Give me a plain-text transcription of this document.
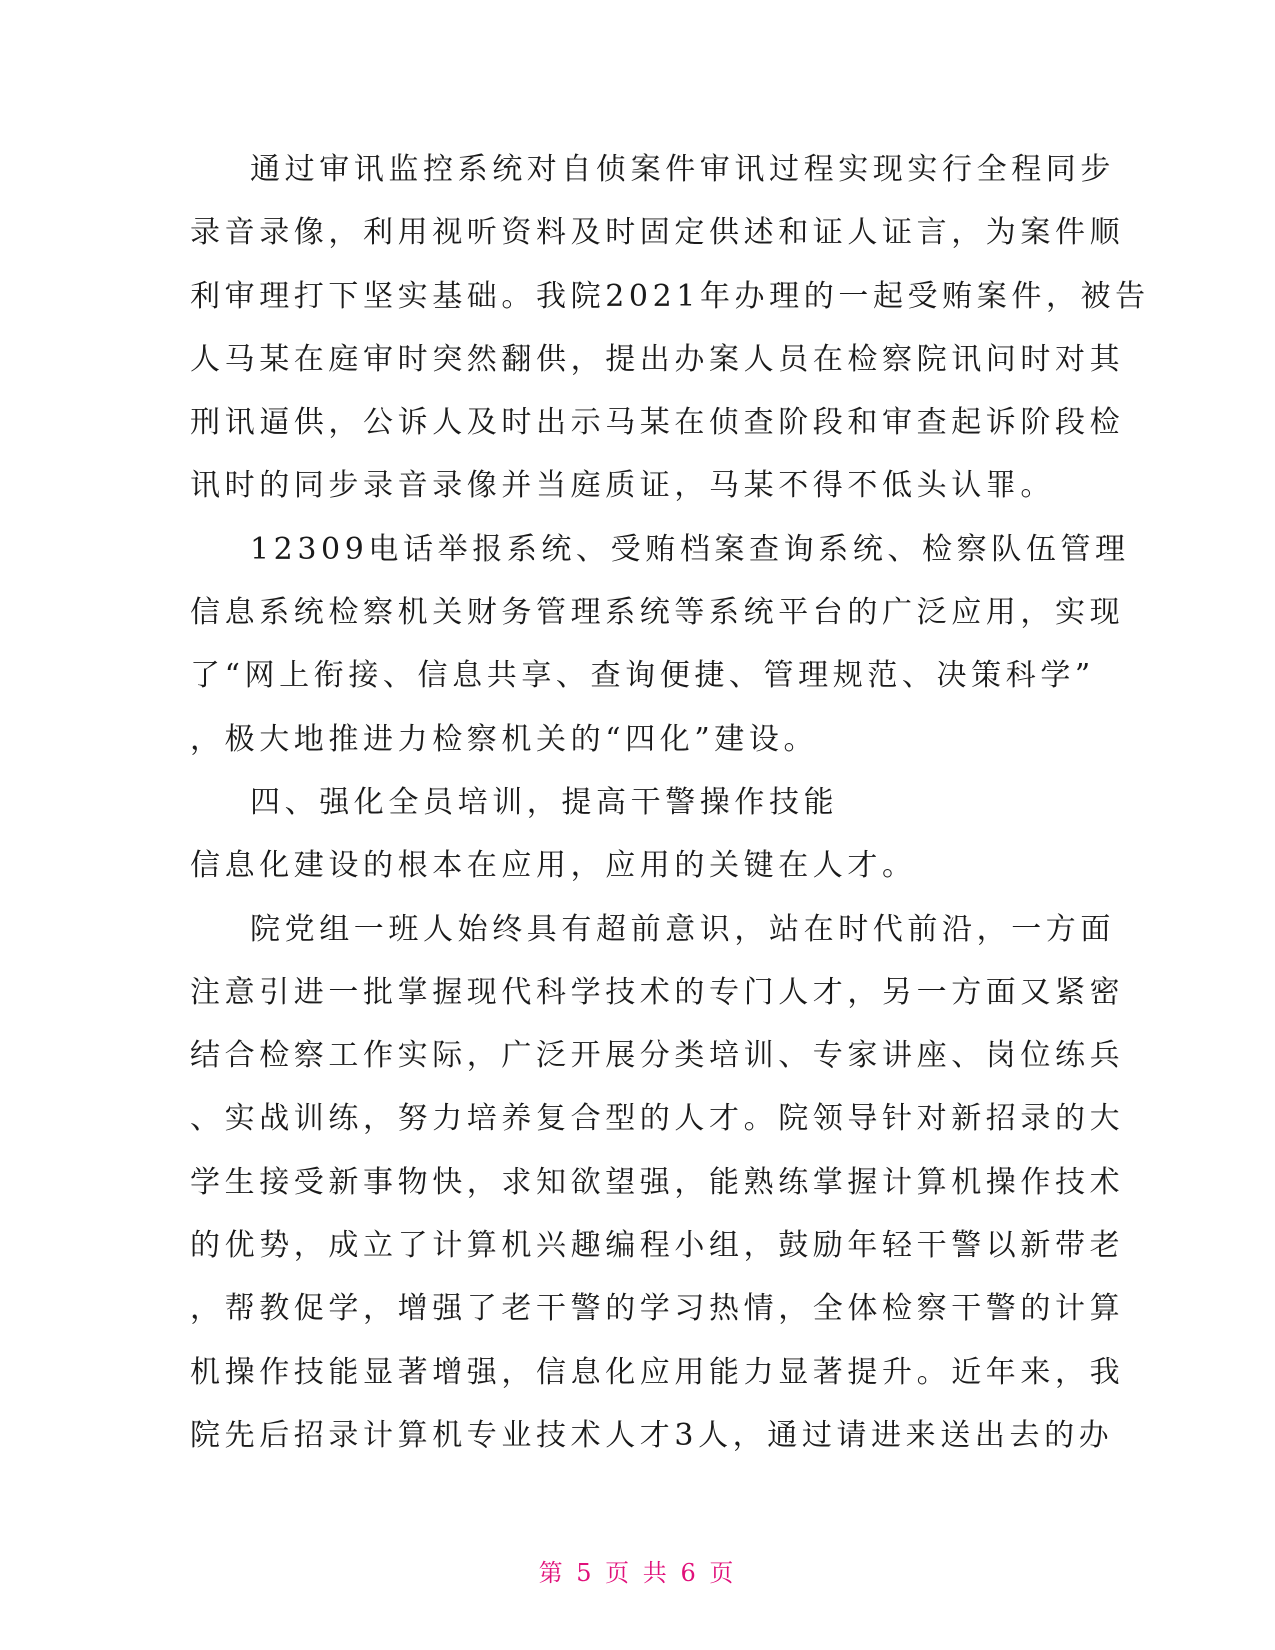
通过审讯监控系统对自侦案件审讯过程实现实行全程同步
录音录像，利用视听资料及时固定供述和证人证言，为案件顺
利审理打下坚实基础。我院2021年办理的一起受贿案件，被告
人马某在庭审时突然翻供，提出办案人员在检察院讯问时对其
刑讯逼供，公诉人及时出示马某在侦查阶段和审查起诉阶段检
讯时的同步录音录像并当庭质证，马某不得不低头认罪。
12309电话举报系统、受贿档案查询系统、检察队伍管理
信息系统检察机关财务管理系统等系统平台的广泛应用，实现
了“网上衔接、信息共享、查询便捷、管理规范、决策科学”
，极大地推进力检察机关的“四化”建设。
四、强化全员培训，提高干警操作技能
信息化建设的根本在应用，应用的关键在人才。
院党组一班人始终具有超前意识，站在时代前沿，一方面
注意引进一批掌握现代科学技术的专门人才，另一方面又紧密
结合检察工作实际，广泛开展分类培训、专家讲座、岗位练兵
、实战训练，努力培养复合型的人才。院领导针对新招录的大
学生接受新事物快，求知欲望强，能熟练掌握计算机操作技术
的优势，成立了计算机兴趣编程小组，鼓励年轻干警以新带老
，帮教促学，增强了老干警的学习热情，全体检察干警的计算
机操作技能显著增强，信息化应用能力显著提升。近年来，我
院先后招录计算机专业技术人才3人，通过请进来送出去的办
第 5 页 共 6 页
